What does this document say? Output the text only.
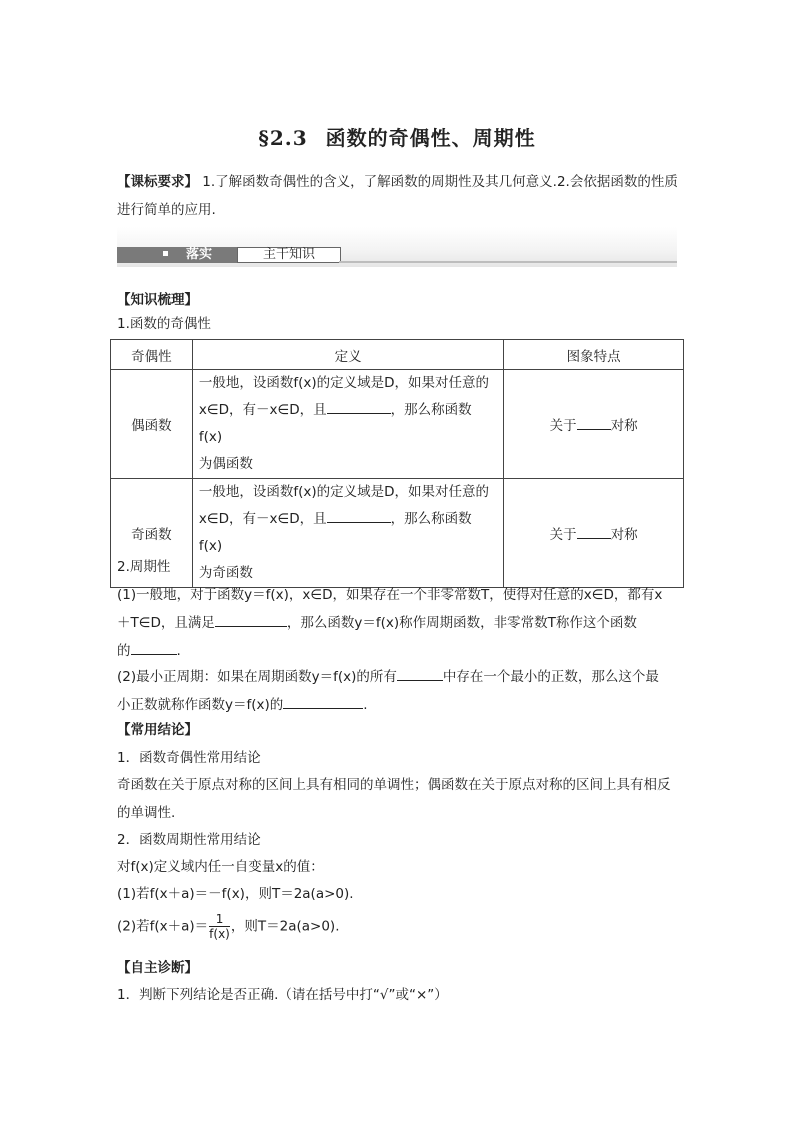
§2.3 函数的奇偶性、周期性
【课标要求】 1.了解函数奇偶性的含义，了解函数的周期性及其几何意义.2.会依据函数的性质进行简单的应用.
落实	主干知识
【知识梳理】
1.函数的奇偶性
奇偶性	定义	图象特点
偶函数	一般地，设函数f(x)的定义域是D，如果对任意的
x∈D，有－x∈D，且 ，那么称函数 f(x)
为偶函数	关于 对称
奇函数	一般地，设函数f(x)的定义域是D，如果对任意的
x∈D，有－x∈D，且 ，那么称函数 f(x)
为奇函数	关于 对称
2.周期性
(1)一般地，对于函数y＝f(x)，x∈D，如果存在一个非零常数T，使得对任意的x∈D，都有x
＋T∈D，且满足	，那么函数y＝f(x)称作周期函数，非零常数T称作这个函数
的	.
(2)最小正周期：如果在周期函数y＝f(x)的所有	中存在一个最小的正数，那么这个最
小正数就称作函数y＝f(x)的	.
【常用结论】
1．函数奇偶性常用结论
奇函数在关于原点对称的区间上具有相同的单调性；偶函数在关于原点对称的区间上具有相反的单调性.
2．函数周期性常用结论
对f(x)定义域内任一自变量x的值：
(1)若f(x＋a)＝－f(x)，则T＝2a(a>0).
(2)若$f(x+a)= \frac{1}{f(x)}$ ，则T＝2a(a>0).
【自主诊断】
1．判断下列结论是否正确.（请在括号中打“√”或“×”）
